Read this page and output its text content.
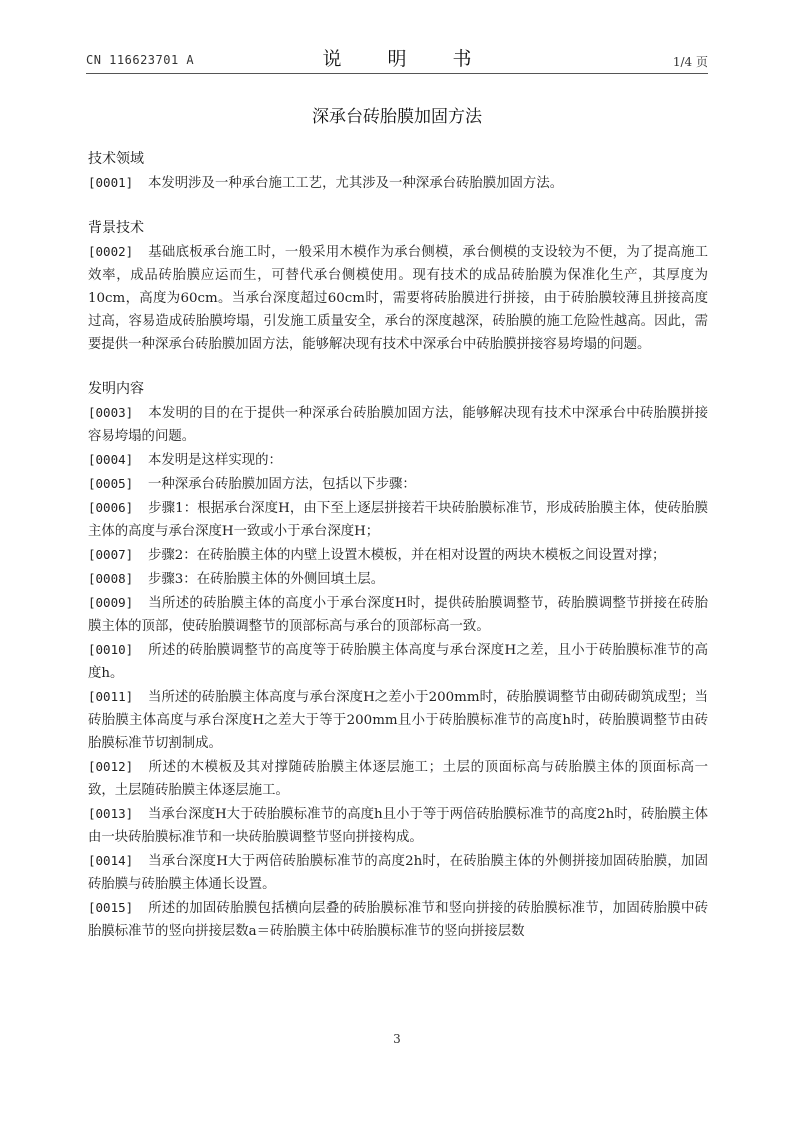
CN 116623701 A	说 明 书	1/4 页
深承台砖胎膜加固方法
技术领域

[0001] 本发明涉及一种承台施工工艺，尤其涉及一种深承台砖胎膜加固方法。

背景技术

[0002] 基础底板承台施工时，一般采用木模作为承台侧模，承台侧模的支设较为不便，为了提高施工效率，成品砖胎膜应运而生，可替代承台侧模使用。现有技术的成品砖胎膜为保准化生产，其厚度为10cm，高度为60cm。当承台深度超过60cm时，需要将砖胎膜进行拼接，由于砖胎膜较薄且拼接高度过高，容易造成砖胎膜垮塌，引发施工质量安全，承台的深度越深，砖胎膜的施工危险性越高。因此，需要提供一种深承台砖胎膜加固方法，能够解决现有技术中深承台中砖胎膜拼接容易垮塌的问题。

发明内容

[0003] 本发明的目的在于提供一种深承台砖胎膜加固方法，能够解决现有技术中深承台中砖胎膜拼接容易垮塌的问题。

[0004] 本发明是这样实现的：

[0005] 一种深承台砖胎膜加固方法，包括以下步骤：

[0006] 步骤1：根据承台深度H，由下至上逐层拼接若干块砖胎膜标准节，形成砖胎膜主体，使砖胎膜主体的高度与承台深度H一致或小于承台深度H；

[0007] 步骤2：在砖胎膜主体的内壁上设置木模板，并在相对设置的两块木模板之间设置对撑；

[0008] 步骤3：在砖胎膜主体的外侧回填土层。

[0009] 当所述的砖胎膜主体的高度小于承台深度H时，提供砖胎膜调整节，砖胎膜调整节拼接在砖胎膜主体的顶部，使砖胎膜调整节的顶部标高与承台的顶部标高一致。

[0010] 所述的砖胎膜调整节的高度等于砖胎膜主体高度与承台深度H之差，且小于砖胎膜标准节的高度h。

[0011] 当所述的砖胎膜主体高度与承台深度H之差小于200mm时，砖胎膜调整节由砌砖砌筑成型；当砖胎膜主体高度与承台深度H之差大于等于200mm且小于砖胎膜标准节的高度h时，砖胎膜调整节由砖胎膜标准节切割制成。

[0012] 所述的木模板及其对撑随砖胎膜主体逐层施工；土层的顶面标高与砖胎膜主体的顶面标高一致，土层随砖胎膜主体逐层施工。

[0013] 当承台深度H大于砖胎膜标准节的高度h且小于等于两倍砖胎膜标准节的高度2h时，砖胎膜主体由一块砖胎膜标准节和一块砖胎膜调整节竖向拼接构成。

[0014] 当承台深度H大于两倍砖胎膜标准节的高度2h时，在砖胎膜主体的外侧拼接加固砖胎膜，加固砖胎膜与砖胎膜主体通长设置。

[0015] 所述的加固砖胎膜包括横向层叠的砖胎膜标准节和竖向拼接的砖胎膜标准节，加固砖胎膜中砖胎膜标准节的竖向拼接层数a＝砖胎膜主体中砖胎膜标准节的竖向拼接层数

3
